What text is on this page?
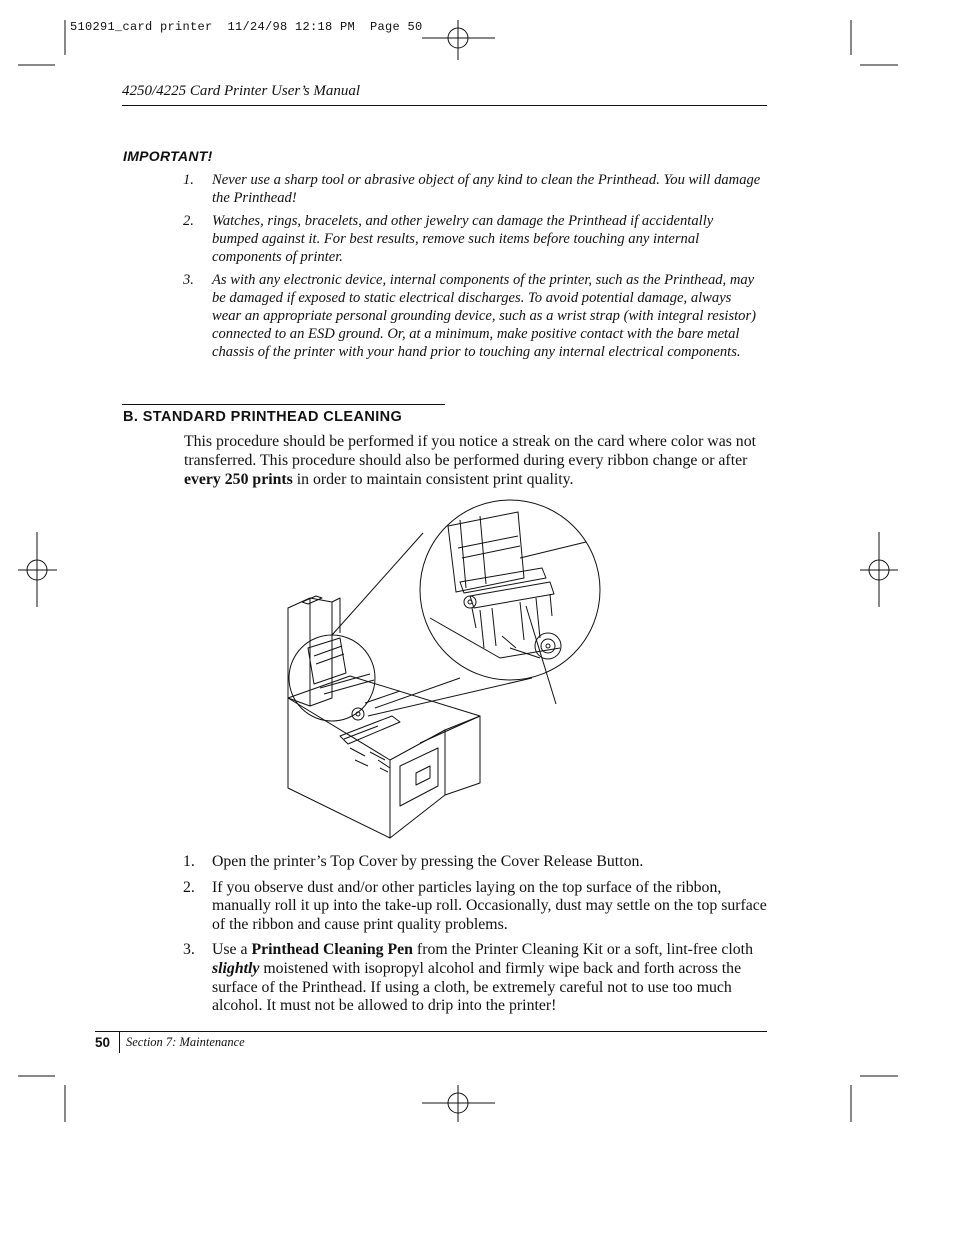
510291_card printer  11/24/98 12:18 PM  Page 50
4250/4225 Card Printer User’s Manual
IMPORTANT!
1. Never use a sharp tool or abrasive object of any kind to clean the Printhead. You will damage the Printhead!
2. Watches, rings, bracelets, and other jewelry can damage the Printhead if accidentally bumped against it. For best results, remove such items before touching any internal components of printer.
3. As with any electronic device, internal components of the printer, such as the Printhead, may be damaged if exposed to static electrical discharges. To avoid potential damage, always wear an appropriate personal grounding device, such as a wrist strap (with integral resistor) connected to an ESD ground. Or, at a minimum, make positive contact with the bare metal chassis of the printer with your hand prior to touching any internal electrical components.
B. STANDARD PRINTHEAD CLEANING

This procedure should be performed if you notice a streak on the card where color was not transferred. This procedure should also be performed during every ribbon change or after every 250 prints in order to maintain consistent print quality.

1. Open the printer’s Top Cover by pressing the Cover Release Button.
2. If you observe dust and/or other particles laying on the top surface of the ribbon, manually roll it up into the take-up roll. Occasionally, dust may settle on the top surface of the ribbon and cause print quality problems.
3. Use a Printhead Cleaning Pen from the Printer Cleaning Kit or a soft, lint-free cloth slightly moistened with isopropyl alcohol and firmly wipe back and forth across the surface of the Printhead. If using a cloth, be extremely careful not to use too much alcohol. It must not be allowed to drip into the printer!
50 Section 7: Maintenance
